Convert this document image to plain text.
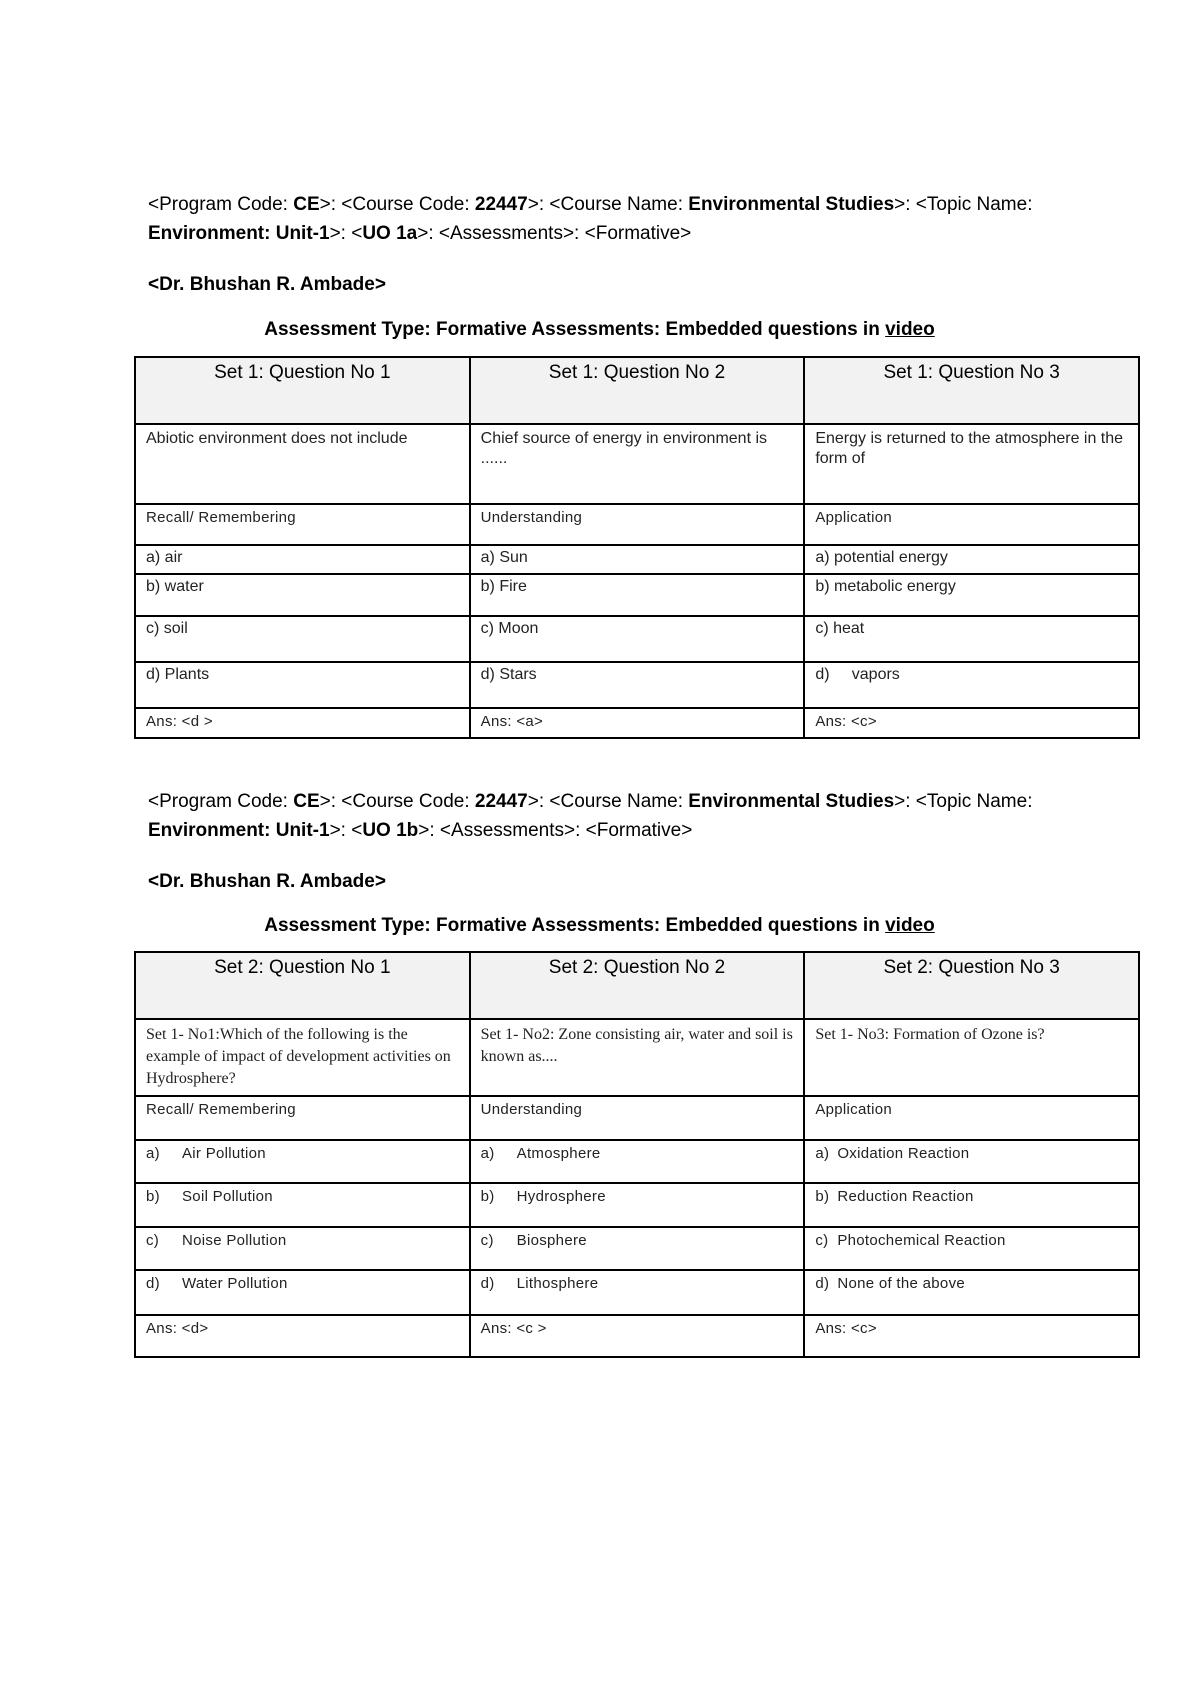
<Program Code: CE>: <Course Code: 22447>: <Course Name: Environmental Studies>: <Topic Name: Environment: Unit-1>: <UO 1a>: <Assessments>: <Formative>
<Dr. Bhushan R. Ambade>
Assessment Type: Formative Assessments: Embedded questions in video
Set 1: Question No 1	Set 1: Question No 2	Set 1: Question No 3
Abiotic environment does not include	Chief source of energy in environment is ......	Energy is returned to the atmosphere in the form of
Recall/ Remembering	Understanding	Application
a) air	a) Sun	a) potential energy
b) water	b) Fire	b) metabolic energy
c) soil	c) Moon	c) heat
d) Plants	d) Stars	d)     vapors
Ans: <d >	Ans: <a>	Ans: <c>
<Program Code: CE>: <Course Code: 22447>: <Course Name: Environmental Studies>: <Topic Name: Environment: Unit-1>: <UO 1b>: <Assessments>: <Formative>
<Dr. Bhushan R. Ambade>
Assessment Type: Formative Assessments: Embedded questions in video
Set 2: Question No 1	Set 2: Question No 2	Set 2: Question No 3
Set 1- No1:Which of the following is the example of impact of development activities on Hydrosphere?	Set 1- No2: Zone consisting air, water and soil is known as....	Set 1- No3: Formation of Ozone is?
Recall/ Remembering	Understanding	Application
a) Air Pollution	a) Atmosphere	a) Oxidation Reaction
b) Soil Pollution	b) Hydrosphere	b) Reduction Reaction
c) Noise Pollution	c) Biosphere	c) Photochemical Reaction
d) Water Pollution	d) Lithosphere	d) None of the above
Ans: <d>	Ans: <c >	Ans: <c>
